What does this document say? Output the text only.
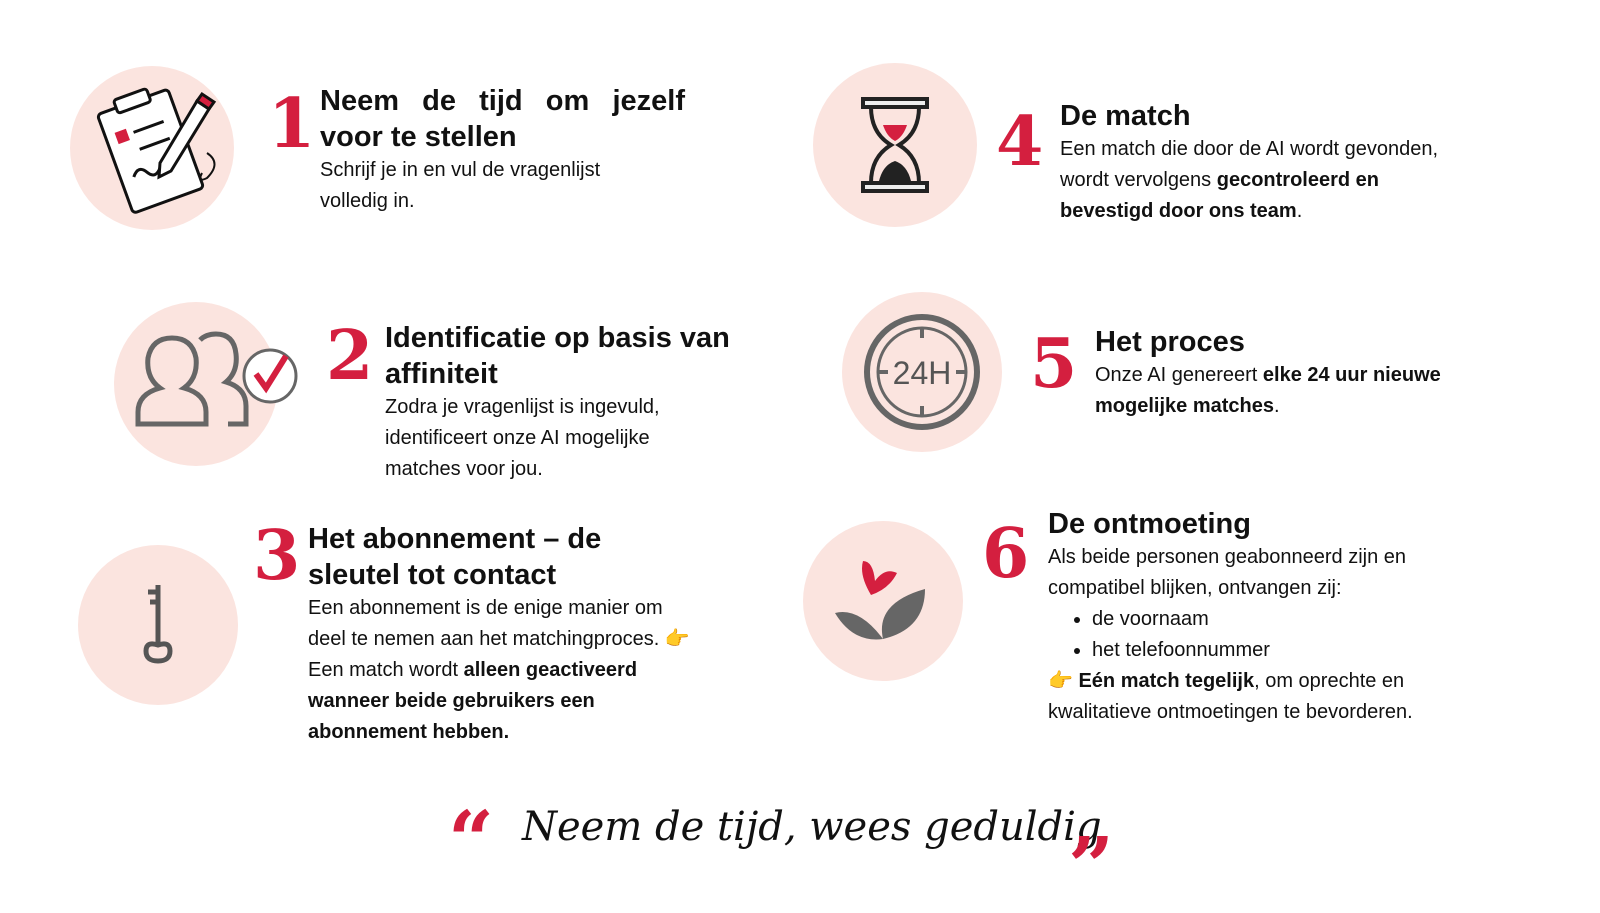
1 Neem de tijd om jezelf voor te stellen
Schrijf je in en vul de vragenlijst volledig in.
2 Identificatie op basis van affiniteit
Zodra je vragenlijst is ingevuld, identificeert onze AI mogelijke matches voor jou.
3 Het abonnement – de sleutel tot contact
Een abonnement is de enige manier om deel te nemen aan het matchingproces. 👉 Een match wordt alleen geactiveerd wanneer beide gebruikers een abonnement hebben.
4 De match
Een match die door de AI wordt gevonden, wordt vervolgens gecontroleerd en bevestigd door ons team.
24H 5 Het proces
Onze AI genereert elke 24 uur nieuwe mogelijke matches.
6 De ontmoeting
Als beide personen geabonneerd zijn en compatibel blijken, ontvangen zij:
• de voornaam
• het telefoonnummer
👉 Eén match tegelijk, om oprechte en kwalitatieve ontmoetingen te bevorderen.
“ Neem de tijd, wees geduldig
”
